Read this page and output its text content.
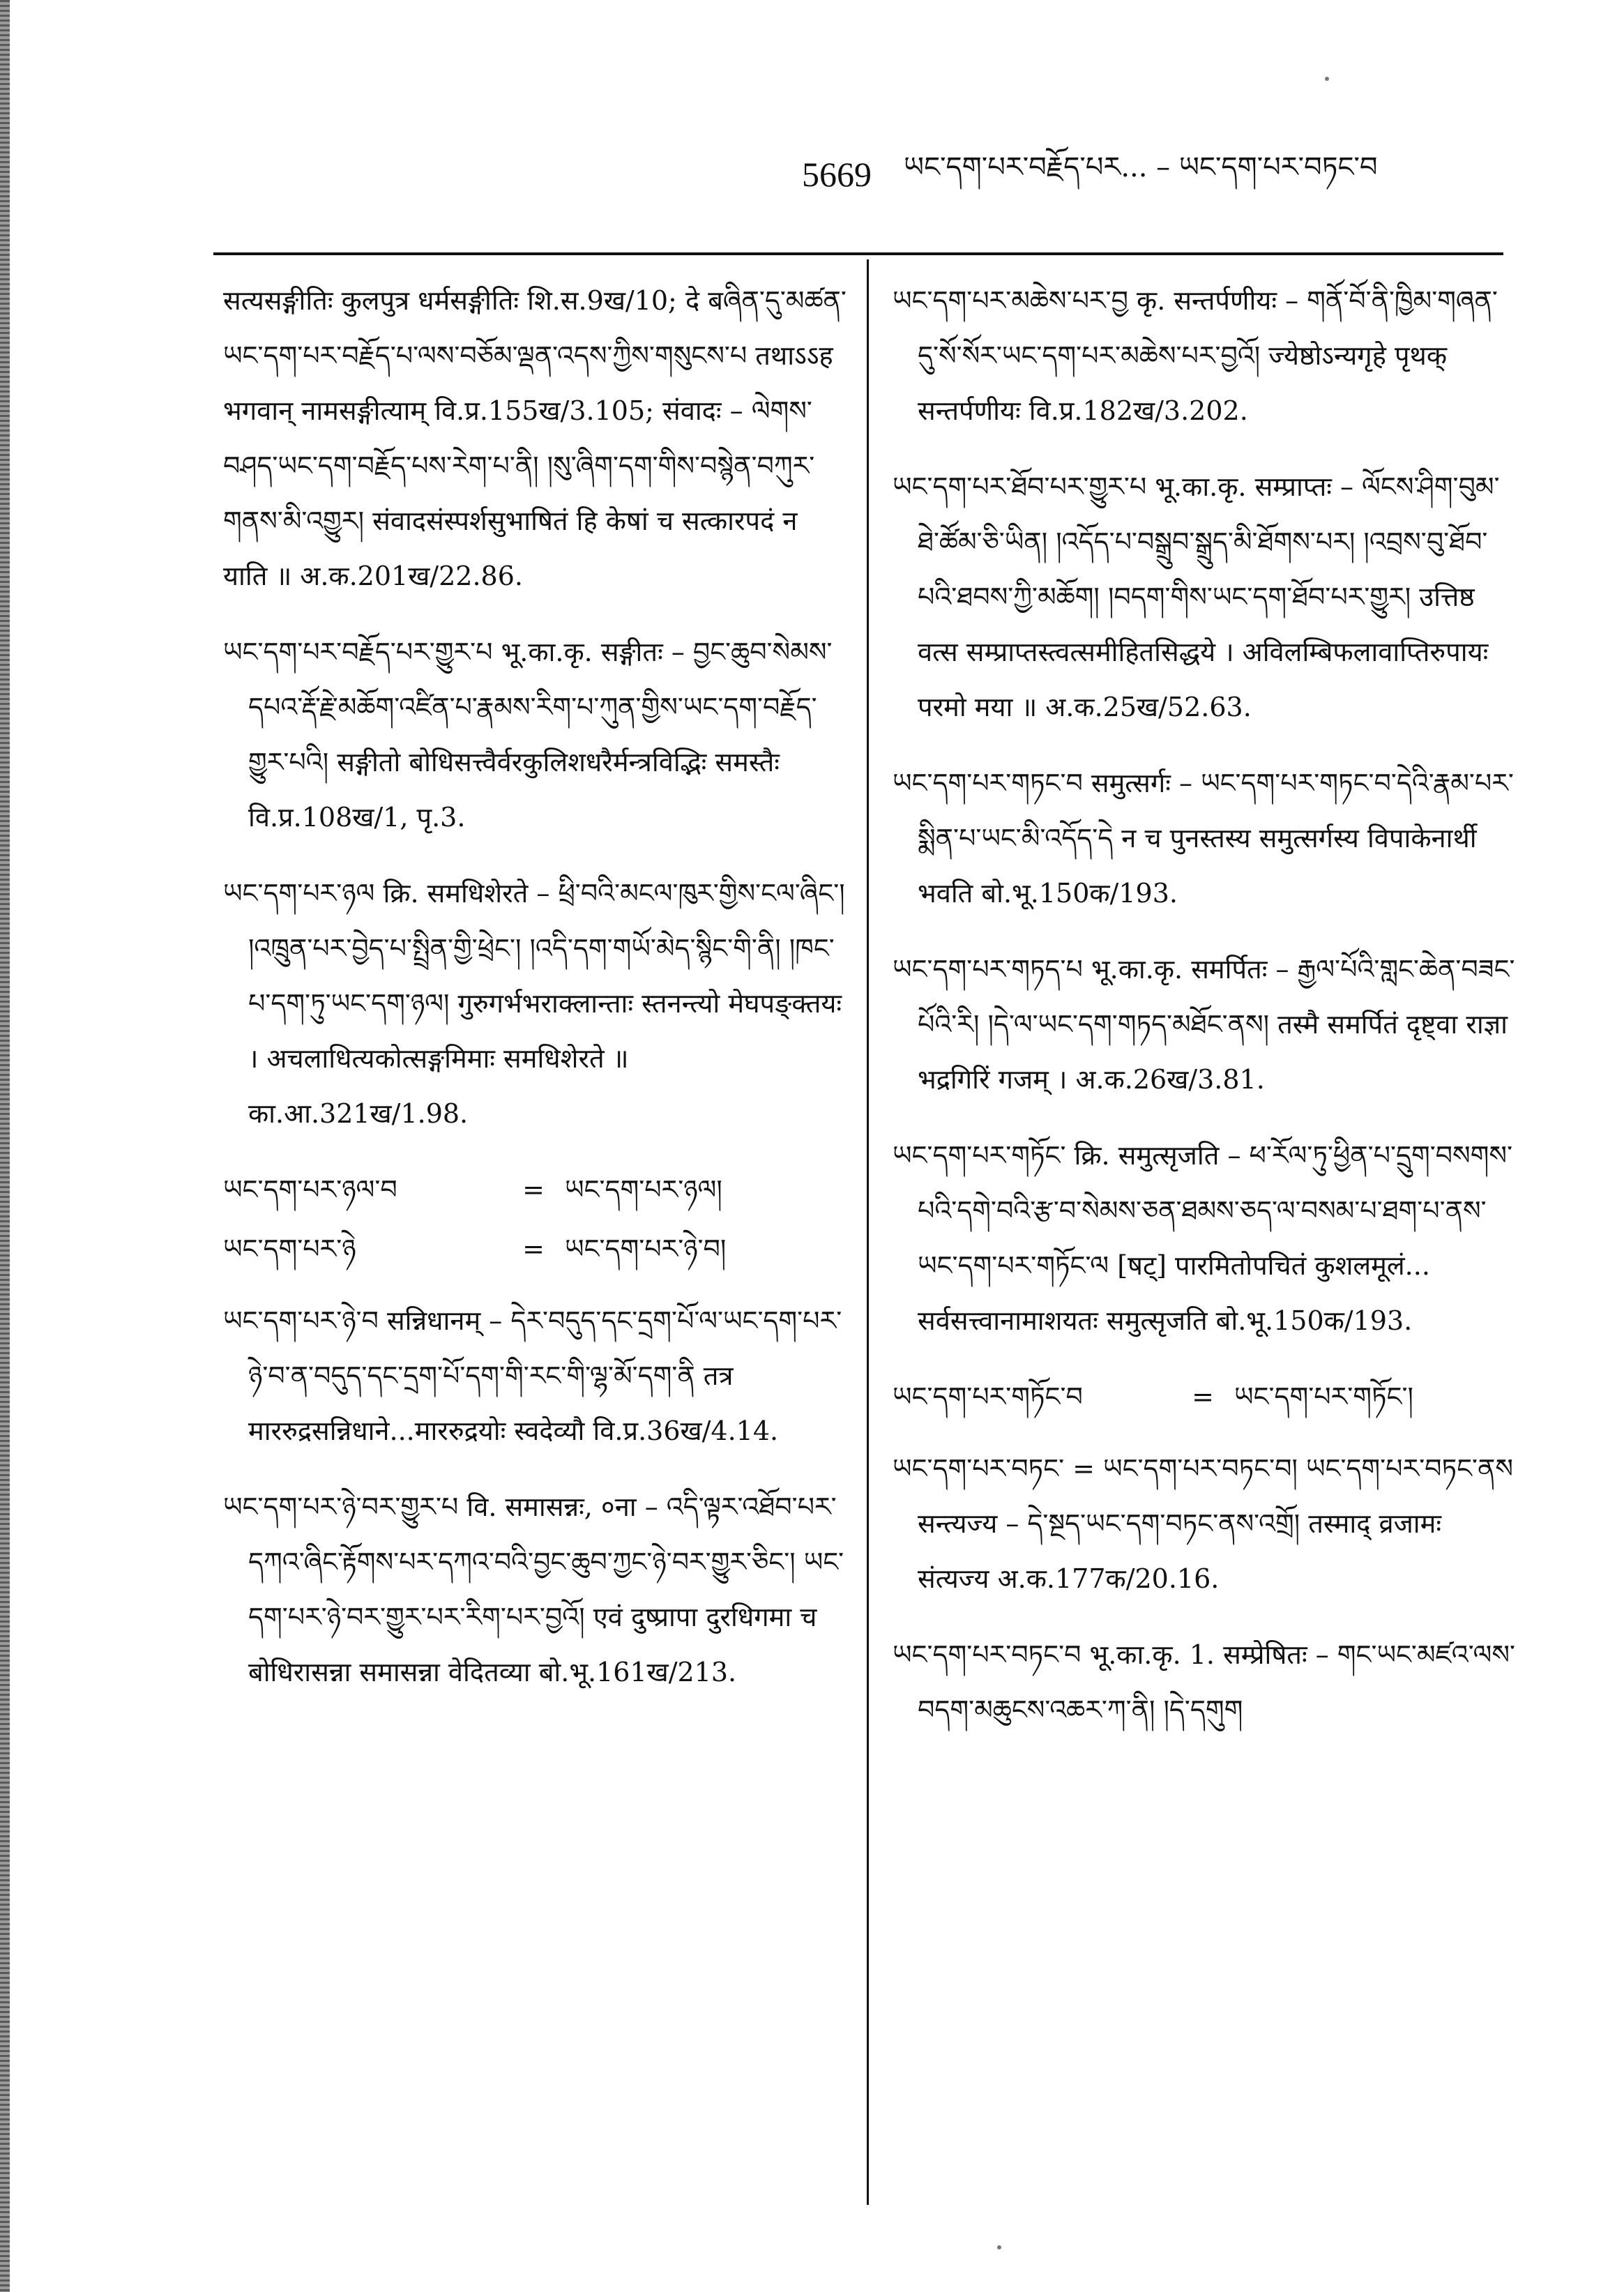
5669 ཡང་དག་པར་བརྗོད་པར... – ཡང་དག་པར་བཏང་བ

सत्यसङ्गीतिः कुलपुत्र धर्मसङ्गीतिः शि.स.9ख/10; दे बཞིན་དུ་མཚན་ཡང་དག་པར་བརྗོད་པ་ལས་བཅོམ་ལྡན་འདས་ཀྱིས་གསུངས་པ तथाऽऽह भगवान् नामसङ्गीत्याम् वि.प्र.155ख/3.105; संवादः – ལེགས་བཤད་ཡང་དག་བརྗོད་པས་རེག་པ་ནི། །སུ་ཞིག་དག་གིས་བསྙེན་བཀུར་གནས་མི་འགྱུར། संवादसंस्पर्शसुभाषितं हि केषां च सत्कारपदं न याति ॥ अ.क.201ख/22.86.

ཡང་དག་པར་བརྗོད་པར་གྱུར་པ भू.का.कृ. सङ्गीतः – བྱང་ཆུབ་སེམས་དཔའ་རྡོ་རྗེ་མཆོག་འཛིན་པ་རྣམས་རིག་པ་ཀུན་གྱིས་ཡང་དག་བརྗོད་གྱུར་པའི། सङ्गीतो बोधिसत्त्वैर्वरकुलिशधरैर्मन्त्रविद्भिः समस्तैः वि.प्र.108ख/1, पृ.3.

ཡང་དག་པར་ཉལ क्रि. समधिशेरते – ཕྲི་བའི་མངལ་ཁུར་གྱིས་ངལ་ཞིང་། །འཁྲུན་པར་བྱེད་པ་སྤྲིན་གྱི་ཕྲེང་། །འདི་དག་གཡོ་མེད་སྙིང་གི་ནི། །ཁང་པ་དག་ཏུ་ཡང་དག་ཉལ། गुरुगर्भभराक्लान्ताः स्तनन्त्यो मेघपङ्क्तयः । अचलाधित्यकोत्सङ्गमिमाः समधिशेरते ॥ का.आ.321ख/1.98.

ཡང་དག་པར་ཉལ་བ	= ཡང་དག་པར་ཉལ།
ཡང་དག་པར་ཉེ	= ཡང་དག་པར་ཉེ་བ།

ཡང་དག་པར་ཉེ་བ सन्निधानम् – དེར་བདུད་དང་དྲག་པོ་ལ་ཡང་དག་པར་ཉེ་བ་ན་བདུད་དང་དྲག་པོ་དག་གི་རང་གི་ལྷ་མོ་དག་ནི तत्र माररुद्रसन्निधाने...माररुद्रयोः स्वदेव्यौ वि.प्र.36ख/4.14.

ཡང་དག་པར་ཉེ་བར་གྱུར་པ वि. समासन्नः, ०ना – འདི་ལྟར་འཐོབ་པར་དཀའ་ཞིང་རྟོགས་པར་དཀའ་བའི་བྱང་ཆུབ་ཀྱང་ཉེ་བར་གྱུར་ཅིང་། ཡང་དག་པར་ཉེ་བར་གྱུར་པར་རིག་པར་བྱའོ། एवं दुष्प्रापा दुरधिगमा च बोधिरासन्ना समासन्ना वेदितव्या बो.भू.161ख/213.

ཡང་དག་པར་མཆེས་པར་བྱ कृ. सन्तर्पणीयः – གནོ་བོ་ནི་ཁྱིམ་གཞན་དུ་སོ་སོར་ཡང་དག་པར་མཆེས་པར་བྱའོ། ज्येष्ठोऽन्यगृहे पृथक् सन्तर्पणीयः वि.प्र.182ख/3.202.

ཡང་དག་པར་ཐོབ་པར་གྱུར་པ भू.का.कृ. सम्प्राप्तः – ལོངས་ཤིག་བུམ་ཐེ་ཚོམ་ཅི་ཡིན། །འདོད་པ་བསྒྲུབ་སྒྲུད་མི་ཐོགས་པར། །འབྲས་བུ་ཐོབ་པའི་ཐབས་ཀྱི་མཆོག། །བདག་གིས་ཡང་དག་ཐོབ་པར་གྱུར། उत्तिष्ठ वत्स सम्प्राप्तस्त्वत्समीहितसिद्धये । अविलम्बिफलावाप्तिरुपायः परमो मया ॥ अ.क.25ख/52.63.

ཡང་དག་པར་གཏང་བ समुत्सर्गः – ཡང་དག་པར་གཏང་བ་དེའི་རྣམ་པར་སྨིན་པ་ཡང་མི་འདོད་དེ न च पुनस्तस्य समुत्सर्गस्य विपाकेनार्थी भवति बो.भू.150क/193.

ཡང་དག་པར་གཏད་པ भू.का.कृ. समर्पितः – རྒྱལ་པོའི་གླང་ཆེན་བཟང་པོའི་རི། །དེ་ལ་ཡང་དག་གཏད་མཐོང་ནས། तस्मै समर्पितं दृष्ट्वा राज्ञा भद्रगिरिं गजम् । अ.क.26ख/3.81.

ཡང་དག་པར་གཏོང་ क्रि. समुत्सृजति – ཕ་རོལ་ཏུ་ཕྱིན་པ་དྲུག་བསགས་པའི་དགེ་བའི་རྩ་བ་སེམས་ཅན་ཐམས་ཅད་ལ་བསམ་པ་ཐག་པ་ནས་ཡང་དག་པར་གཏོང་ལ [षट्] पारमितोपचितं कुशलमूलं... सर्वसत्त्वानामाशयतः समुत्सृजति बो.भू.150क/193.

ཡང་དག་པར་གཏོང་བ	= ཡང་དག་པར་གཏོང་།

ཡང་དག་པར་བཏང་ = ཡང་དག་པར་བཏང་བ། ཡང་དག་པར་བཏང་ནས सन्त्यज्य – དེ་སྔད་ཡང་དག་བཏང་ནས་འགྲོ། तस्माद् व्रजामः संत्यज्य अ.क.177क/20.16.

ཡང་དག་པར་བཏང་བ भू.का.कृ. 1. सम्प्रेषितः – གང་ཡང་མཛའ་ལས་བདག་མཆུངས་འཆར་ཀ་ནི། །དེ་དགུག
